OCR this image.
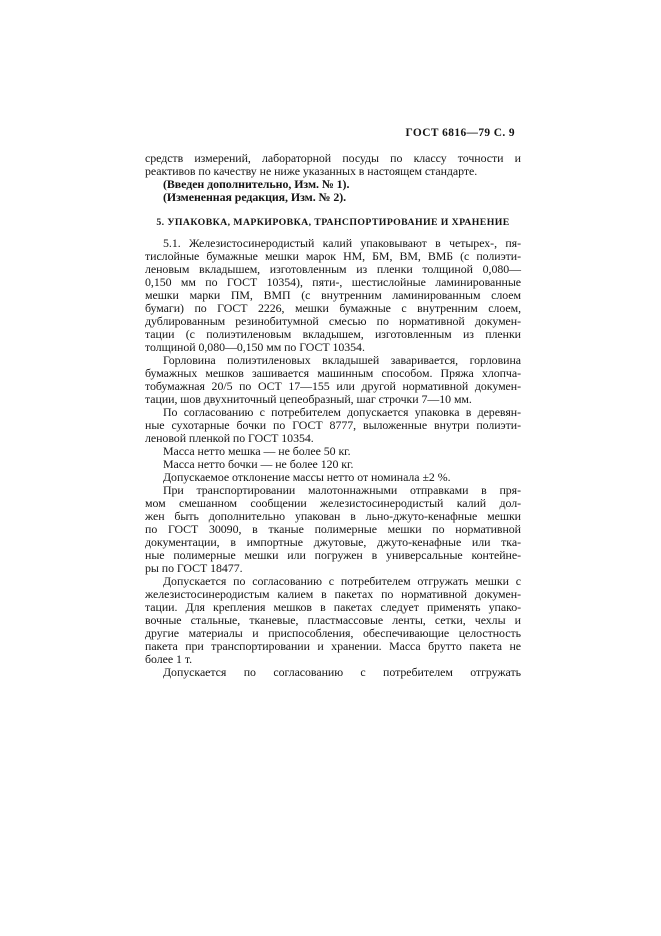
ГОСТ 6816—79 С. 9
средств измерений, лабораторной посуды по классу точности и
реактивов по качеству не ниже указанных в настоящем стандарте.
(Введен дополнительно, Изм. № 1).
(Измененная редакция, Изм. № 2).
5. УПАКОВКА, МАРКИРОВКА, ТРАНСПОРТИРОВАНИЕ И ХРАНЕНИЕ
5.1. Железистосинеродистый калий упаковывают в четырех-, пя-
тислойные бумажные мешки марок НМ, БМ, ВМ, ВМБ (с полиэти-
леновым вкладышем, изготовленным из пленки толщиной 0,080—
0,150 мм по ГОСТ 10354), пяти-, шестислойные ламинированные
мешки марки ПМ, ВМП (с внутренним ламинированным слоем
бумаги) по ГОСТ 2226, мешки бумажные с внутренним слоем,
дублированным резинобитумной смесью по нормативной докумен-
тации (с полиэтиленовым вкладышем, изготовленным из пленки
толщиной 0,080—0,150 мм по ГОСТ 10354.
Горловина полиэтиленовых вкладышей заваривается, горловина
бумажных мешков зашивается машинным способом. Пряжа хлопча-
тобумажная 20/5 по ОСТ 17—155 или другой нормативной докумен-
тации, шов двухниточный цепеобразный, шаг строчки 7—10 мм.
По согласованию с потребителем допускается упаковка в деревян-
ные сухотарные бочки по ГОСТ 8777, выложенные внутри полиэти-
леновой пленкой по ГОСТ 10354.
Масса нетто мешка — не более 50 кг.
Масса нетто бочки — не более 120 кг.
Допускаемое отклонение массы нетто от номинала ±2 %.
При транспортировании малотоннажными отправками в пря-
мом смешанном сообщении железистосинеродистый калий дол-
жен быть дополнительно упакован в льно-джуто-кенафные мешки
по ГОСТ 30090, в тканые полимерные мешки по нормативной
документации, в импортные джутовые, джуто-кенафные или тка-
ные полимерные мешки или погружен в универсальные контейне-
ры по ГОСТ 18477.
Допускается по согласованию с потребителем отгружать мешки с
железистосинеродистым калием в пакетах по нормативной докумен-
тации. Для крепления мешков в пакетах следует применять упако-
вочные стальные, тканевые, пластмассовые ленты, сетки, чехлы и
другие материалы и приспособления, обеспечивающие целостность
пакета при транспортировании и хранении. Масса брутто пакета не
более 1 т.
Допускается по согласованию с потребителем отгружать
